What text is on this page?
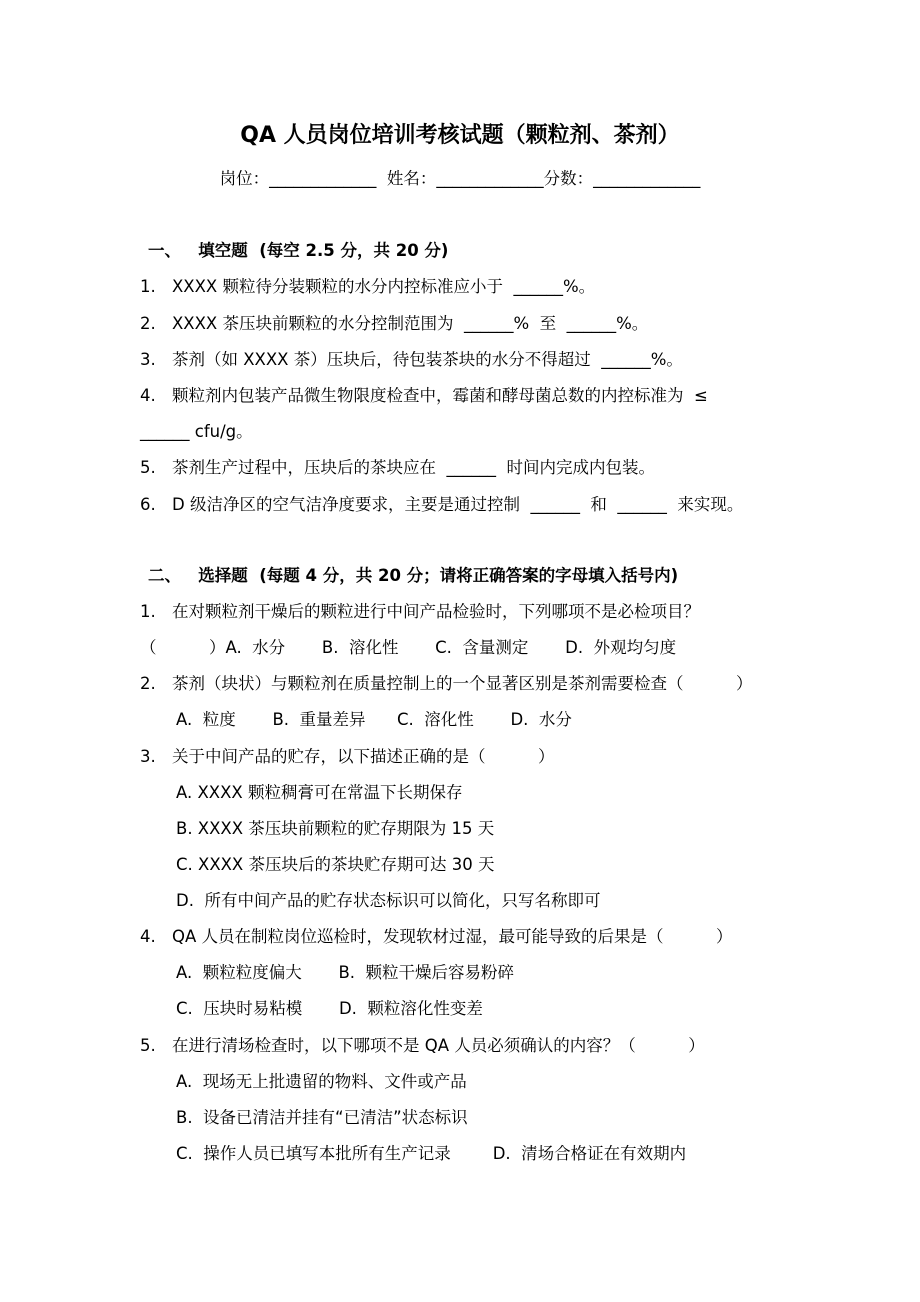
QA 人员岗位培训考核试题（颗粒剂、茶剂）
岗位：_____________  姓名：_____________分数：_____________
一、   填空题  (每空 2.5 分，共 20 分)
1. XXXX 颗粒待分装颗粒的水分内控标准应小于  ______%。
2. XXXX 茶压块前颗粒的水分控制范围为  ______%  至  ______%。
3. 茶剂（如 XXXX 茶）压块后，待包装茶块的水分不得超过  ______%。
4. 颗粒剂内包装产品微生物限度检查中，霉菌和酵母菌总数的内控标准为  ≤
______ cfu/g。
5. 茶剂生产过程中，压块后的茶块应在  ______  时间内完成内包装。
6. D 级洁净区的空气洁净度要求，主要是通过控制  ______  和  ______  来实现。
二、   选择题  (每题 4 分，共 20 分；请将正确答案的字母填入括号内)
1. 在对颗粒剂干燥后的颗粒进行中间产品检验时，下列哪项不是必检项目？
（          ）A.  水分       B.  溶化性       C.  含量测定       D.  外观均匀度
2. 茶剂（块状）与颗粒剂在质量控制上的一个显著区别是茶剂需要检查（          ）
A.  粒度       B.  重量差异      C.  溶化性       D.  水分
3. 关于中间产品的贮存，以下描述正确的是（          ）
A. XXXX 颗粒稠膏可在常温下长期保存
B. XXXX 茶压块前颗粒的贮存期限为 15 天
C. XXXX 茶压块后的茶块贮存期可达 30 天
D.  所有中间产品的贮存状态标识可以简化，只写名称即可
4. QA 人员在制粒岗位巡检时，发现软材过湿，最可能导致的后果是（          ）
A.  颗粒粒度偏大       B.  颗粒干燥后容易粉碎
C.  压块时易粘模       D.  颗粒溶化性变差
5. 在进行清场检查时，以下哪项不是 QA 人员必须确认的内容？（          ）
A.  现场无上批遗留的物料、文件或产品
B.  设备已清洁并挂有“已清洁”状态标识
C.  操作人员已填写本批所有生产记录        D.  清场合格证在有效期内
